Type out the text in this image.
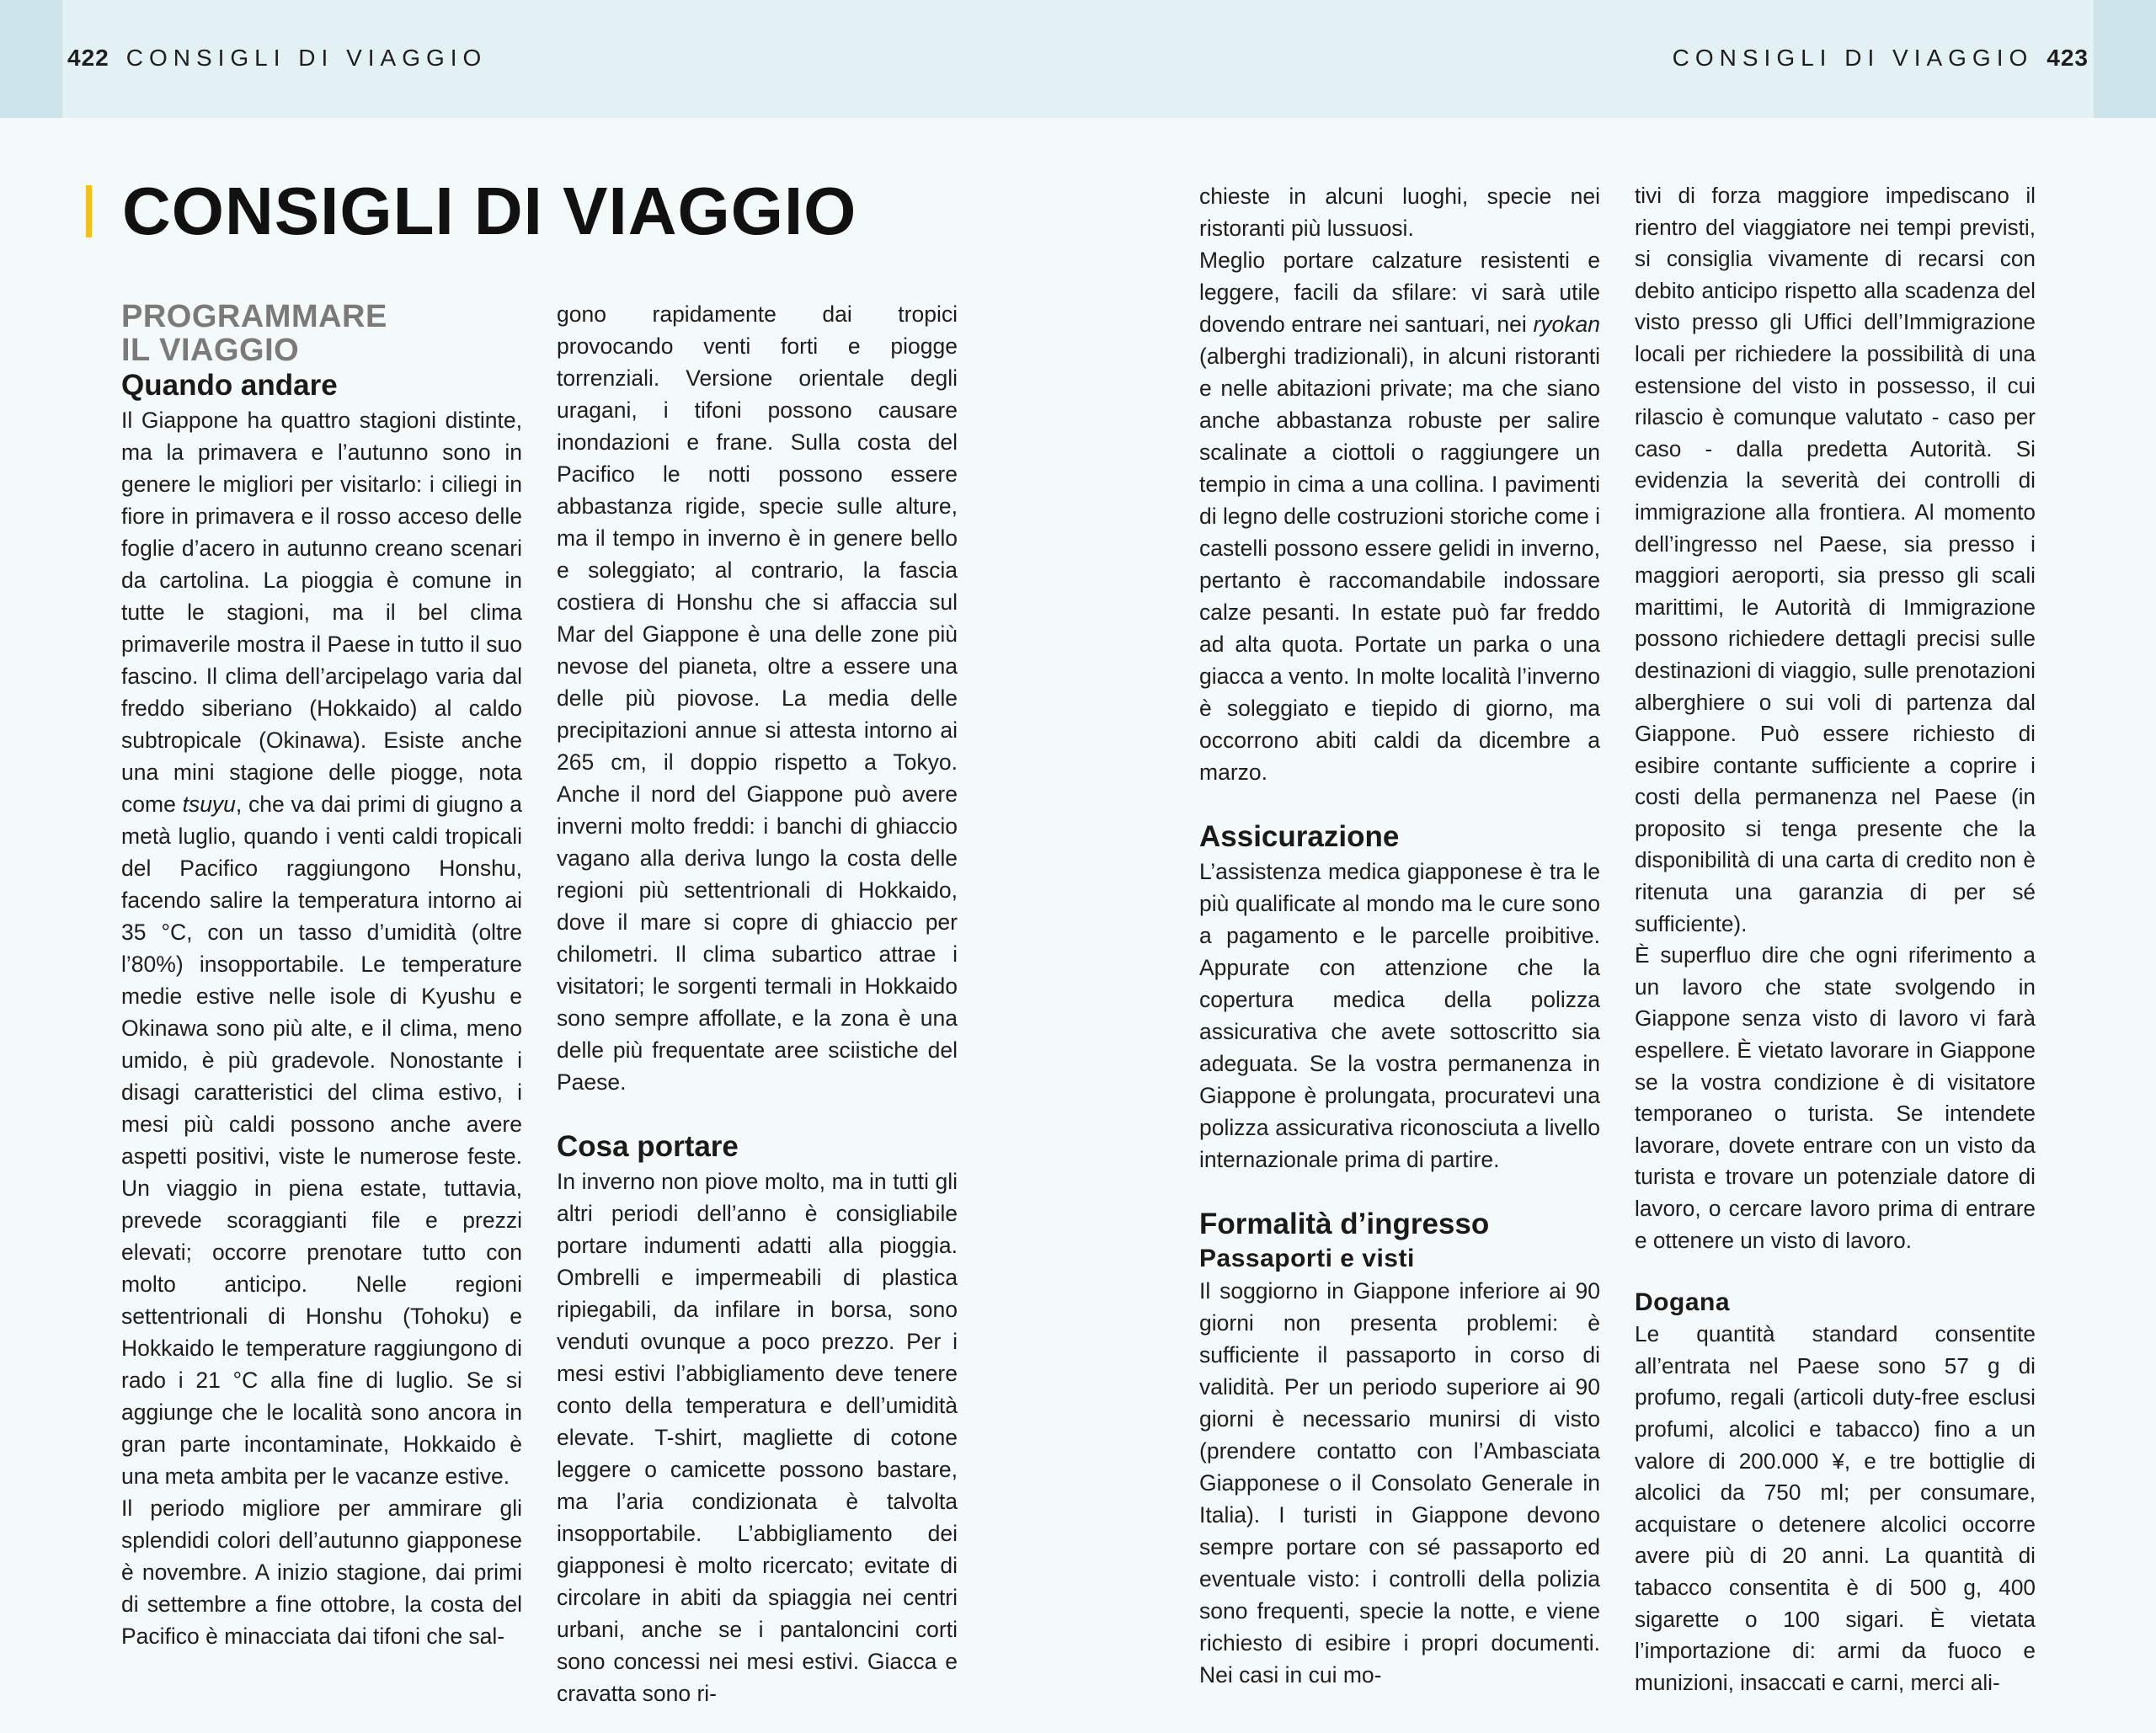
422 CONSIGLI DI VIAGGIO	CONSIGLI DI VIAGGIO 423
CONSIGLI DI VIAGGIO
PROGRAMMARE
IL VIAGGIO
Quando andare

Il Giappone ha quattro stagioni distinte, ma la primavera e l’autunno sono in genere le migliori per visitarlo: i ciliegi in fiore in primavera e il rosso acceso delle foglie d’acero in autunno creano scenari da cartolina. La pioggia è comune in tutte le stagioni, ma il bel clima primaverile mostra il Paese in tutto il suo fascino. Il clima dell’arcipelago varia dal freddo siberiano (Hokkaido) al caldo subtropicale (Okinawa). Esiste anche una mini stagione delle piogge, nota come tsuyu, che va dai primi di giugno a metà luglio, quando i venti caldi tropicali del Pacifico raggiungono Honshu, facendo salire la temperatura intorno ai 35 °C, con un tasso d’umidità (oltre l’80%) insopportabile. Le temperature medie estive nelle isole di Kyushu e Okinawa sono più alte, e il clima, meno umido, è più gradevole. Nonostante i disagi caratteristici del clima estivo, i mesi più caldi possono anche avere aspetti positivi, viste le numerose feste. Un viaggio in piena estate, tuttavia, prevede scoraggianti file e prezzi elevati; occorre prenotare tutto con molto anticipo. Nelle regioni settentrionali di Honshu (Tohoku) e Hokkaido le temperature raggiungono di rado i 21 °C alla fine di luglio. Se si aggiunge che le località sono ancora in gran parte incontaminate, Hokkaido è una meta ambita per le vacanze estive.

Il periodo migliore per ammirare gli splendidi colori dell’autunno giapponese è novembre. A inizio stagione, dai primi di settembre a fine ottobre, la costa del Pacifico è minacciata dai tifoni che sal-

gono rapidamente dai tropici provocando venti forti e piogge torrenziali. Versione orientale degli uragani, i tifoni possono causare inondazioni e frane. Sulla costa del Pacifico le notti possono essere abbastanza rigide, specie sulle alture, ma il tempo in inverno è in genere bello e soleggiato; al contrario, la fascia costiera di Honshu che si affaccia sul Mar del Giappone è una delle zone più nevose del pianeta, oltre a essere una delle più piovose. La media delle precipitazioni annue si attesta intorno ai 265 cm, il doppio rispetto a Tokyo. Anche il nord del Giappone può avere inverni molto freddi: i banchi di ghiaccio vagano alla deriva lungo la costa delle regioni più settentrionali di Hokkaido, dove il mare si copre di ghiaccio per chilometri. Il clima subartico attrae i visitatori; le sorgenti termali in Hokkaido sono sempre affollate, e la zona è una delle più frequentate aree sciistiche del Paese.

Cosa portare

In inverno non piove molto, ma in tutti gli altri periodi dell’anno è consigliabile portare indumenti adatti alla pioggia. Ombrelli e impermeabili di plastica ripiegabili, da infilare in borsa, sono venduti ovunque a poco prezzo. Per i mesi estivi l’abbigliamento deve tenere conto della temperatura e dell’umidità elevate. T-shirt, magliette di cotone leggere o camicette possono bastare, ma l’aria condizionata è talvolta insopportabile. L’abbigliamento dei giapponesi è molto ricercato; evitate di circolare in abiti da spiaggia nei centri urbani, anche se i pantaloncini corti sono concessi nei mesi estivi. Giacca e cravatta sono ri-

chieste in alcuni luoghi, specie nei ristoranti più lussuosi.

Meglio portare calzature resistenti e leggere, facili da sfilare: vi sarà utile dovendo entrare nei santuari, nei ryokan (alberghi tradizionali), in alcuni ristoranti e nelle abitazioni private; ma che siano anche abbastanza robuste per salire scalinate a ciottoli o raggiungere un tempio in cima a una collina. I pavimenti di legno delle costruzioni storiche come i castelli possono essere gelidi in inverno, pertanto è raccomandabile indossare calze pesanti. In estate può far freddo ad alta quota. Portate un parka o una giacca a vento. In molte località l’inverno è soleggiato e tiepido di giorno, ma occorrono abiti caldi da dicembre a marzo.

Assicurazione

L’assistenza medica giapponese è tra le più qualificate al mondo ma le cure sono a pagamento e le parcelle proibitive. Appurate con attenzione che la copertura medica della polizza assicurativa che avete sottoscritto sia adeguata. Se la vostra permanenza in Giappone è prolungata, procuratevi una polizza assicurativa riconosciuta a livello internazionale prima di partire.

Formalità d’ingresso
Passaporti e visti

Il soggiorno in Giappone inferiore ai 90 giorni non presenta problemi: è sufficiente il passaporto in corso di validità. Per un periodo superiore ai 90 giorni è necessario munirsi di visto (prendere contatto con l’Ambasciata Giapponese o il Consolato Generale in Italia). I turisti in Giappone devono sempre portare con sé passaporto ed eventuale visto: i controlli della polizia sono frequenti, specie la notte, e viene richiesto di esibire i propri documenti. Nei casi in cui mo-

tivi di forza maggiore impediscano il rientro del viaggiatore nei tempi previsti, si consiglia vivamente di recarsi con debito anticipo rispetto alla scadenza del visto presso gli Uffici dell’Immigrazione locali per richiedere la possibilità di una estensione del visto in possesso, il cui rilascio è comunque valutato - caso per caso - dalla predetta Autorità. Si evidenzia la severità dei controlli di immigrazione alla frontiera. Al momento dell’ingresso nel Paese, sia presso i maggiori aeroporti, sia presso gli scali marittimi, le Autorità di Immigrazione possono richiedere dettagli precisi sulle destinazioni di viaggio, sulle prenotazioni alberghiere o sui voli di partenza dal Giappone. Può essere richiesto di esibire contante sufficiente a coprire i costi della permanenza nel Paese (in proposito si tenga presente che la disponibilità di una carta di credito non è ritenuta una garanzia di per sé sufficiente).

È superfluo dire che ogni riferimento a un lavoro che state svolgendo in Giappone senza visto di lavoro vi farà espellere. È vietato lavorare in Giappone se la vostra condizione è di visitatore temporaneo o turista. Se intendete lavorare, dovete entrare con un visto da turista e trovare un potenziale datore di lavoro, o cercare lavoro prima di entrare e ottenere un visto di lavoro.

Dogana

Le quantità standard consentite all’entrata nel Paese sono 57 g di profumo, regali (articoli duty-free esclusi profumi, alcolici e tabacco) fino a un valore di 200.000 ¥, e tre bottiglie di alcolici da 750 ml; per consumare, acquistare o detenere alcolici occorre avere più di 20 anni. La quantità di tabacco consentita è di 500 g, 400 sigarette o 100 sigari. È vietata l’importazione di: armi da fuoco e munizioni, insaccati e carni, merci ali-
